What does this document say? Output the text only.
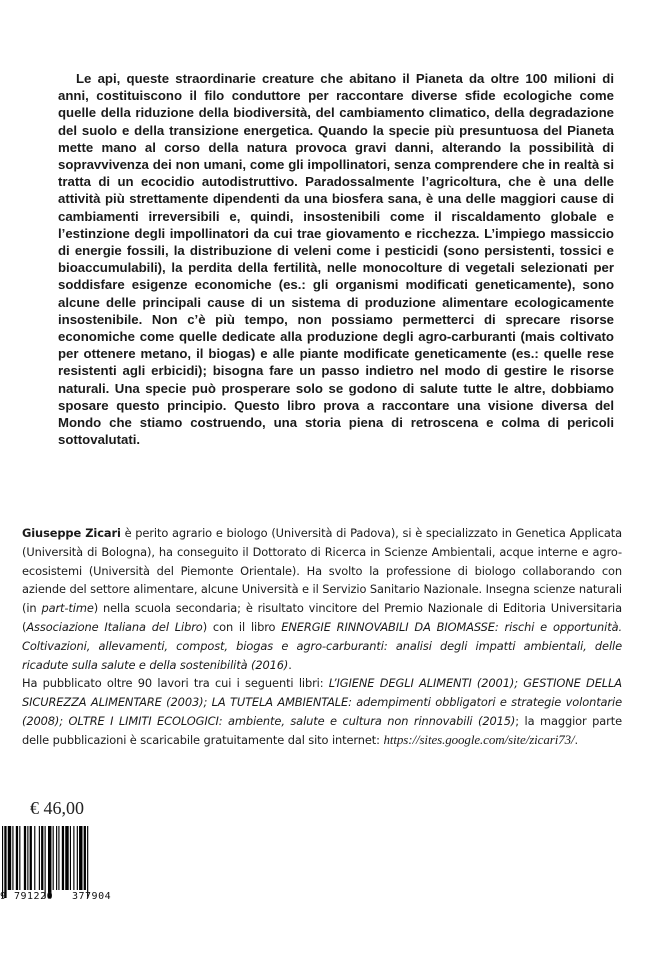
Le api, queste straordinarie creature che abitano il Pianeta da oltre 100 milioni di anni, costituiscono il filo conduttore per raccontare diverse sfide ecologiche come quelle della riduzione della biodiversità, del cambiamento climatico, della degradazione del suolo e della transizione energetica. Quando la specie più presuntuosa del Pianeta mette mano al corso della natura provoca gravi danni, alterando la possibilità di sopravvivenza dei non umani, come gli impollinatori, senza comprendere che in realtà si tratta di un ecocidio autodistruttivo. Paradossalmente l’agricoltura, che è una delle attività più strettamente dipendenti da una biosfera sana, è una delle maggiori cause di cambiamenti irreversibili e, quindi, insostenibili come il riscaldamento globale e l’estinzione degli impollinatori da cui trae giovamento e ricchezza. L’impiego massiccio di energie fossili, la distribuzione di veleni come i pesticidi (sono persistenti, tossici e bioaccumulabili), la perdita della fertilità, nelle monocolture di vegetali selezionati per soddisfare esigenze economiche (es.: gli organismi modificati geneticamente), sono alcune delle principali cause di un sistema di produzione alimentare ecologicamente insostenibile. Non c’è più tempo, non possiamo permetterci di sprecare risorse economiche come quelle dedicate alla produzione degli agro-carburanti (mais coltivato per ottenere metano, il biogas) e alle piante modificate geneticamente (es.: quelle rese resistenti agli erbicidi); bisogna fare un passo indietro nel modo di gestire le risorse naturali. Una specie può prosperare solo se godono di salute tutte le altre, dobbiamo sposare questo principio. Questo libro prova a raccontare una visione diversa del Mondo che stiamo costruendo, una storia piena di retroscena e colma di pericoli sottovalutati.

Giuseppe Zicari è perito agrario e biologo (Università di Padova), si è specializzato in Genetica Applicata (Università di Bologna), ha conseguito il Dottorato di Ricerca in Scienze Ambientali, acque interne e agro-ecosistemi (Università del Piemonte Orientale). Ha svolto la professione di biologo collaborando con aziende del settore alimentare, alcune Università e il Servizio Sanitario Nazionale. Insegna scienze naturali (in part-time) nella scuola secondaria; è risultato vincitore del Premio Nazionale di Editoria Universitaria (Associazione Italiana del Libro) con il libro ENERGIE RINNOVABILI DA BIOMASSE: rischi e opportunità. Coltivazioni, allevamenti, compost, biogas e agro-carburanti: analisi degli impatti ambientali, delle ricadute sulla salute e della sostenibilità (2016).

Ha pubblicato oltre 90 lavori tra cui i seguenti libri: L’IGIENE DEGLI ALIMENTI (2001); GESTIONE DELLA SICUREZZA ALIMENTARE (2003); LA TUTELA AMBIENTALE: adempimenti obbligatori e strategie volontarie (2008); OLTRE I LIMITI ECOLOGICI: ambiente, salute e cultura non rinnovabili (2015); la maggior parte delle pubblicazioni è scaricabile gratuitamente dal sito internet: https://sites.google.com/site/zicari73/.

€ 46,00
9 791220 377904
